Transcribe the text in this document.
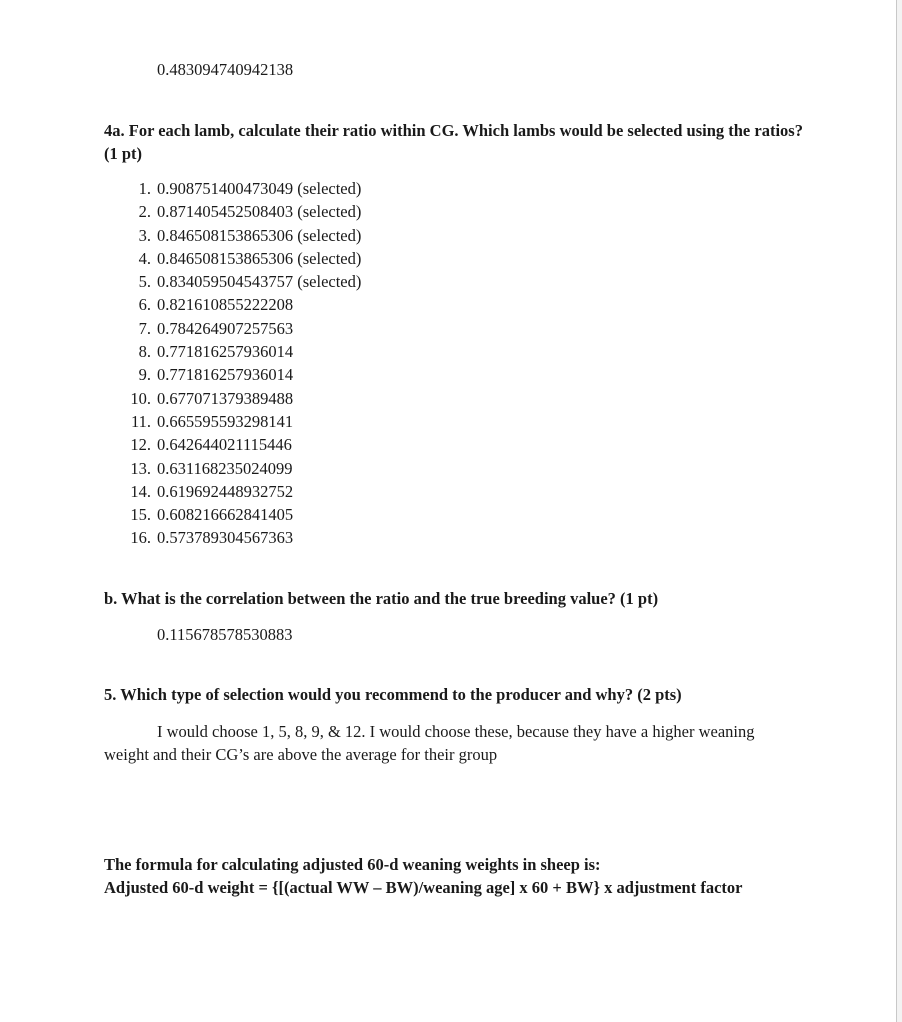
0.483094740942138
4a. For each lamb, calculate their ratio within CG. Which lambs would be selected using the ratios? (1 pt)
1. 0.908751400473049 (selected)
2. 0.871405452508403 (selected)
3. 0.846508153865306 (selected)
4. 0.846508153865306 (selected)
5. 0.834059504543757 (selected)
6. 0.821610855222208
7. 0.784264907257563
8. 0.771816257936014
9. 0.771816257936014
10. 0.677071379389488
11. 0.665595593298141
12. 0.642644021115446
13. 0.631168235024099
14. 0.619692448932752
15. 0.608216662841405
16. 0.573789304567363
b. What is the correlation between the ratio and the true breeding value? (1 pt)
0.115678578530883
5. Which type of selection would you recommend to the producer and why? (2 pts)
I would choose 1, 5, 8, 9, & 12. I would choose these, because they have a higher weaning weight and their CG’s are above the average for their group
The formula for calculating adjusted 60-d weaning weights in sheep is:
Adjusted 60-d weight = {[(actual WW – BW)/weaning age] x 60 + BW} x adjustment factor
